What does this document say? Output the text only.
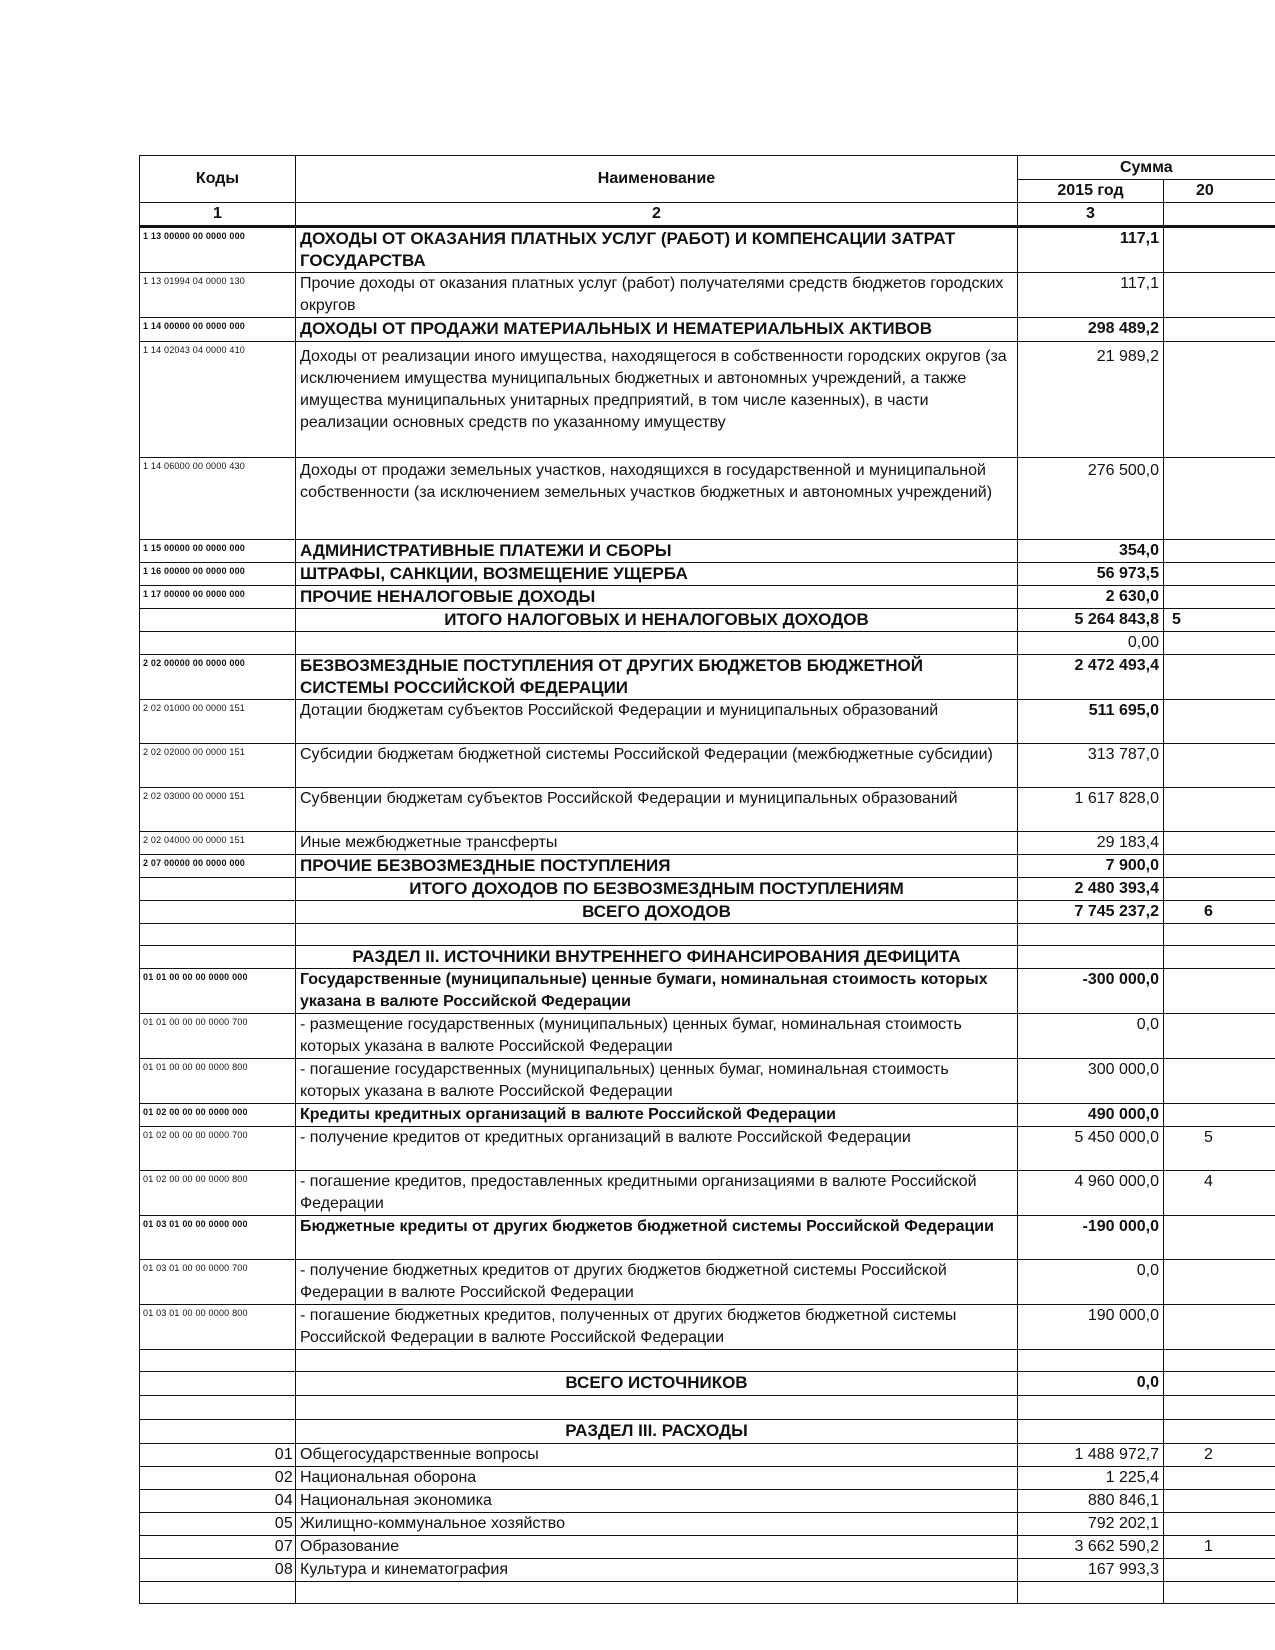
Коды	Наименование	Сумма	
		2015 год	20
1	2	3	
1 13 00000 00 0000 000	ДОХОДЫ ОТ ОКАЗАНИЯ ПЛАТНЫХ УСЛУГ (РАБОТ) И КОМПЕНСАЦИИ ЗАТРАТ ГОСУДАРСТВА	117,1	
1 13 01994 04 0000 130	Прочие доходы от оказания платных услуг (работ) получателями средств бюджетов городских округов	117,1	
1 14 00000 00 0000 000	ДОХОДЫ ОТ ПРОДАЖИ МАТЕРИАЛЬНЫХ И НЕМАТЕРИАЛЬНЫХ АКТИВОВ	298 489,2	
1 14 02043 04 0000 410	Доходы от реализации иного имущества, находящегося в собственности городских округов (за исключением имущества муниципальных бюджетных и автономных учреждений, а также имущества муниципальных унитарных предприятий, в том числе казенных), в части реализации основных средств по указанному имуществу	21 989,2	
1 14 06000 00 0000 430	Доходы от продажи земельных участков, находящихся в государственной и муниципальной собственности (за исключением земельных участков бюджетных и автономных учреждений)	276 500,0	
1 15 00000 00 0000 000	АДМИНИСТРАТИВНЫЕ ПЛАТЕЖИ И СБОРЫ	354,0	
1 16 00000 00 0000 000	ШТРАФЫ, САНКЦИИ, ВОЗМЕЩЕНИЕ УЩЕРБА	56 973,5	
1 17 00000 00 0000 000	ПРОЧИЕ НЕНАЛОГОВЫЕ ДОХОДЫ	2 630,0	
	ИТОГО НАЛОГОВЫХ И НЕНАЛОГОВЫХ ДОХОДОВ	5 264 843,8	5
		0,00	
2 02 00000 00 0000 000	БЕЗВОЗМЕЗДНЫЕ ПОСТУПЛЕНИЯ ОТ ДРУГИХ БЮДЖЕТОВ БЮДЖЕТНОЙ СИСТЕМЫ РОССИЙСКОЙ ФЕДЕРАЦИИ	2 472 493,4	
2 02 01000 00 0000 151	Дотации бюджетам субъектов Российской Федерации и муниципальных образований	511 695,0	
2 02 02000 00 0000 151	Субсидии бюджетам бюджетной системы Российской Федерации (межбюджетные субсидии)	313 787,0	
2 02 03000 00 0000 151	Субвенции бюджетам субъектов Российской Федерации и муниципальных образований	1 617 828,0	
2 02 04000 00 0000 151	Иные межбюджетные трансферты	29 183,4	
2 07 00000 00 0000 000	ПРОЧИЕ БЕЗВОЗМЕЗДНЫЕ ПОСТУПЛЕНИЯ	7 900,0	
	ИТОГО ДОХОДОВ ПО БЕЗВОЗМЕЗДНЫМ ПОСТУПЛЕНИЯМ	2 480 393,4	
	ВСЕГО ДОХОДОВ	7 745 237,2	6

	РАЗДЕЛ II. ИСТОЧНИКИ ВНУТРЕННЕГО ФИНАНСИРОВАНИЯ ДЕФИЦИТА		
01 01 00 00 00 0000 000	Государственные (муниципальные) ценные бумаги, номинальная стоимость которых указана в валюте Российской Федерации	-300 000,0	
01 01 00 00 00 0000 700	- размещение государственных (муниципальных) ценных бумаг, номинальная стоимость которых указана в валюте Российской Федерации	0,0	
01 01 00 00 00 0000 800	- погашение государственных (муниципальных) ценных бумаг, номинальная стоимость которых указана в валюте Российской Федерации	300 000,0	
01 02 00 00 00 0000 000	Кредиты кредитных организаций в валюте Российской Федерации	490 000,0	
01 02 00 00 00 0000 700	- получение кредитов от кредитных организаций в валюте Российской Федерации	5 450 000,0	5
01 02 00 00 00 0000 800	- погашение кредитов, предоставленных кредитными организациями в валюте Российской Федерации	4 960 000,0	4
01 03 01 00 00 0000 000	Бюджетные кредиты от других бюджетов бюджетной системы Российской Федерации	-190 000,0	
01 03 01 00 00 0000 700	- получение бюджетных кредитов от других бюджетов бюджетной системы Российской Федерации в валюте Российской Федерации	0,0	
01 03 01 00 00 0000 800	- погашение бюджетных кредитов, полученных от других бюджетов бюджетной системы Российской Федерации в валюте Российской Федерации	190 000,0	

	ВСЕГО ИСТОЧНИКОВ	0,0	

	РАЗДЕЛ III. РАСХОДЫ		
01	Общегосударственные вопросы	1 488 972,7	2
02	Национальная оборона	1 225,4	
04	Национальная экономика	880 846,1	
05	Жилищно-коммунальное хозяйство	792 202,1	
07	Образование	3 662 590,2	1
08	Культура и кинематография	167 993,3	
